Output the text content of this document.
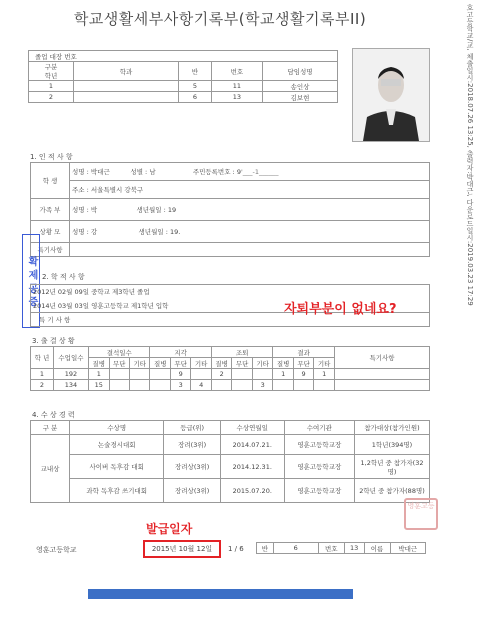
학교생활세부사항기록부(학교생활기록부II)	호고등학교/교, 체출일시:2018.07.26 13:25, 출력자:박대근, 다운로드일시:2019.03.23 17:29
졸업 대장 번호				
구분
학년	학과	반	번호	담임성명
1		5	11	송인상
2		6	13	김보현
1. 인 적 사 항
학 생	성명 : 박대근 성별 : 남 주민등록번호 : 9'___-1______
	주소 : 서울특별시 강북구
가족 부	성명 : 박 생년월일 : 19
상황 모	성명 : 강 생년월일 : 19.
특기사항	
확 제 공 증 2. 학 적 사 항
2012년 02월 09일 중학교 제3학년 졸업
2014년 03월 03일 영훈고등학교 제1학년 입학
특 기 사 항
자퇴부분이 없네요?
3. 출 결 상 황
학 년	수업일수	결석일수			지각			조퇴			결과			특기사항
		질병	무단	기타	질병	무단	기타	질병	무단	기타	질병	무단	기타	
1	192	1				9		2			1	9	1	
2	134	15				3	4			3				
4. 수 상 경 력
구 분	수상명	등급(위)	수상연월일	수여기관	참가대상(참가인원)
교내상	논술경시대회	장려(3위)	2014.07.21.	영훈고등학교장	1학년(394명)
	사이버 독후감 대회	장려상(3위)	2014.12.31.	영훈고등학교장	1,2학년 중 참가자(32명)
	과학 독후감 쓰기대회	장려상(3위)	2015.07.20.	영훈고등학교장	2학년 중 참가자(88명)
영훈고등
발급일자
영훈고등학교	2015년 10월 12일	1 / 6	반	6	번호	13	이름	박대근
